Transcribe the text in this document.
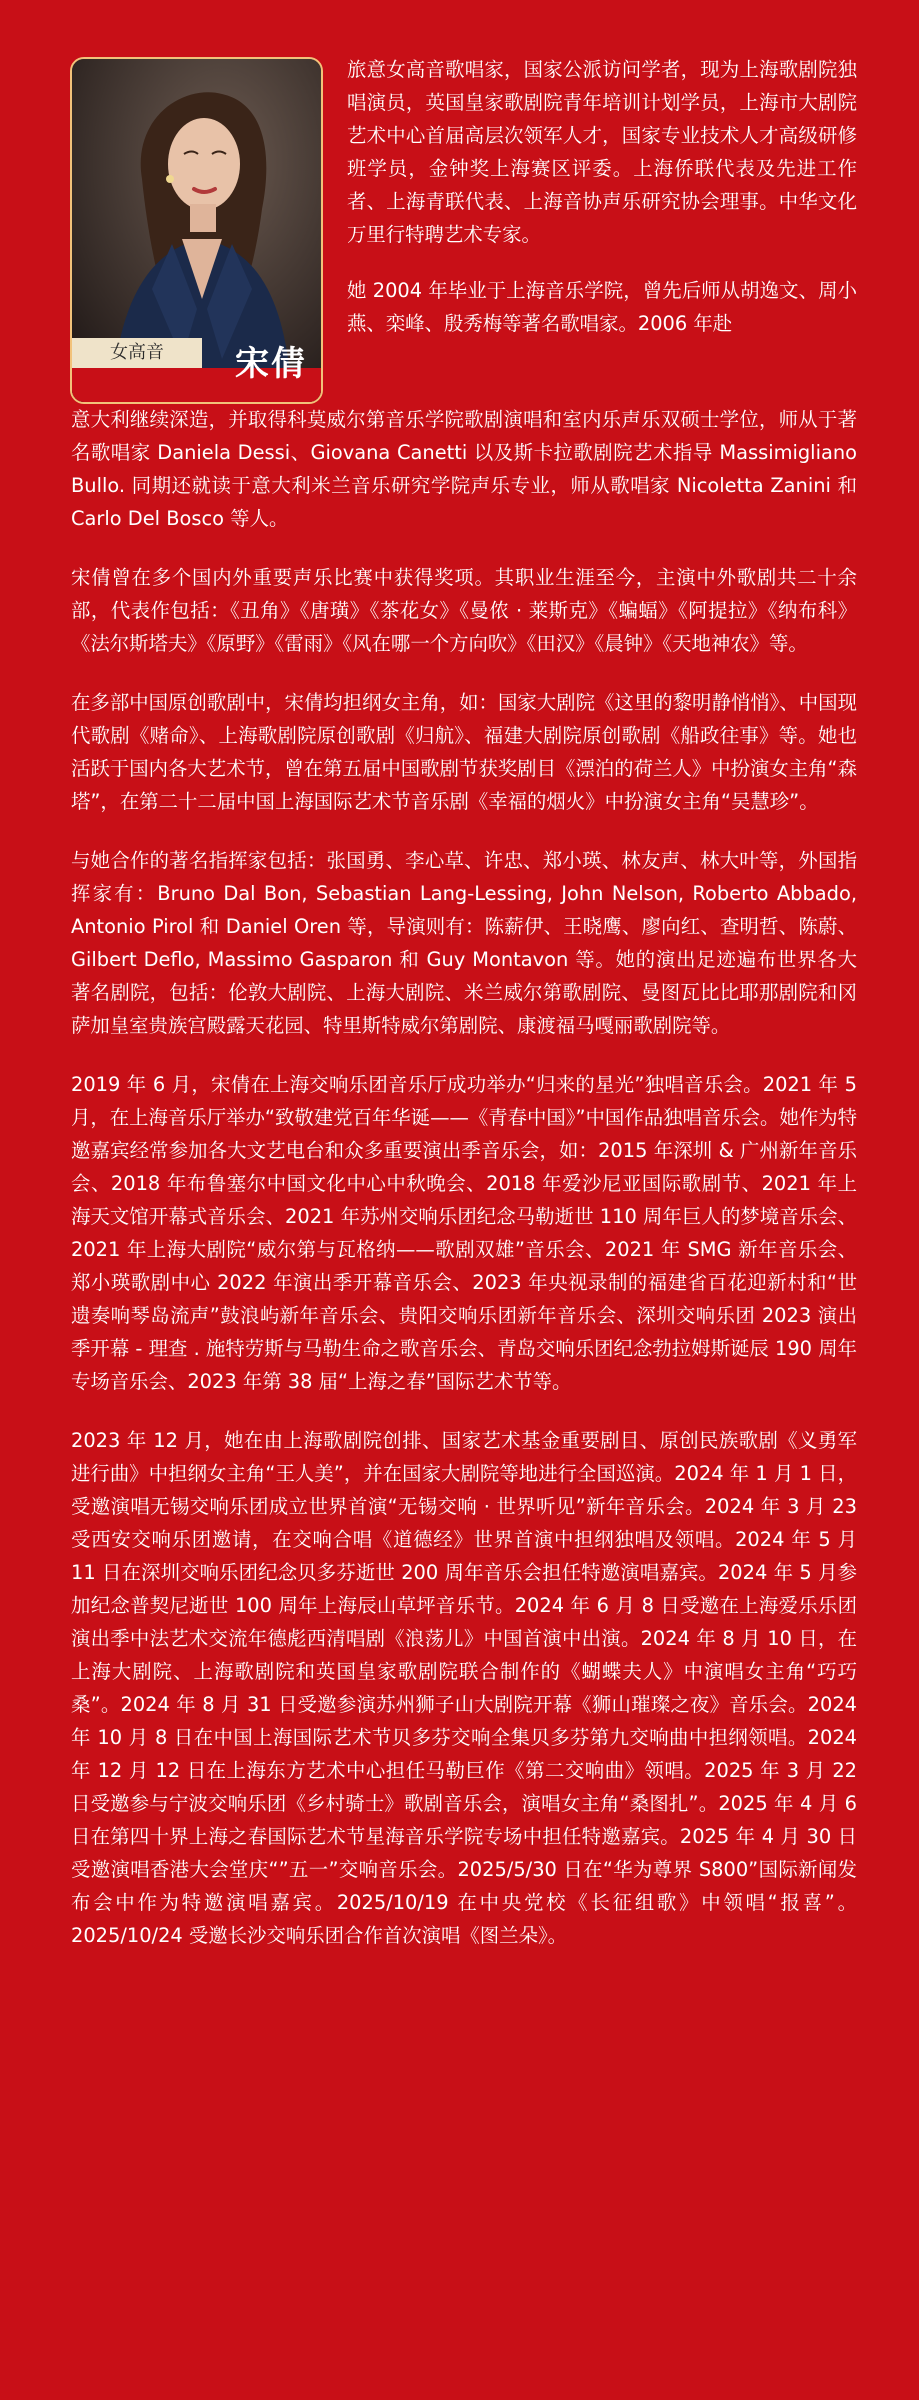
女高音	宋倩

旅意女高音歌唱家，国家公派访问学者，现为上海歌剧院独唱演员，英国皇家歌剧院青年培训计划学员，上海市大剧院艺术中心首届高层次领军人才，国家专业技术人才高级研修班学员，金钟奖上海赛区评委。上海侨联代表及先进工作者、上海青联代表、上海音协声乐研究协会理事。中华文化万里行特聘艺术专家。

她 2004 年毕业于上海音乐学院，曾先后师从胡逸文、周小燕、栾峰、殷秀梅等著名歌唱家。2006 年赴

意大利继续深造，并取得科莫威尔第音乐学院歌剧演唱和室内乐声乐双硕士学位，师从于著名歌唱家 Daniela Dessi、Giovana Canetti 以及斯卡拉歌剧院艺术指导 Massimigliano Bullo. 同期还就读于意大利米兰音乐研究学院声乐专业，师从歌唱家 Nicoletta Zanini 和 Carlo Del Bosco 等人。

宋倩曾在多个国内外重要声乐比赛中获得奖项。其职业生涯至今，主演中外歌剧共二十余部，代表作包括：《丑角》《唐璜》《茶花女》《曼侬 · 莱斯克》《蝙蝠》《阿提拉》《纳布科》《法尔斯塔夫》《原野》《雷雨》《风在哪一个方向吹》《田汉》《晨钟》《天地神农》等。

在多部中国原创歌剧中，宋倩均担纲女主角，如：国家大剧院《这里的黎明静悄悄》、中国现代歌剧《赌命》、上海歌剧院原创歌剧《归航》、福建大剧院原创歌剧《船政往事》等。她也活跃于国内各大艺术节，曾在第五届中国歌剧节获奖剧目《漂泊的荷兰人》中扮演女主角“森塔”，在第二十二届中国上海国际艺术节音乐剧《幸福的烟火》中扮演女主角“吴慧珍”。

与她合作的著名指挥家包括：张国勇、李心草、许忠、郑小瑛、林友声、林大叶等，外国指挥家有：Bruno Dal Bon, Sebastian Lang-Lessing, John Nelson, Roberto Abbado, Antonio Pirol 和 Daniel Oren 等，导演则有：陈薪伊、王晓鹰、廖向红、查明哲、陈蔚、Gilbert Deflo, Massimo Gasparon 和 Guy Montavon 等。她的演出足迹遍布世界各大著名剧院，包括：伦敦大剧院、上海大剧院、米兰威尔第歌剧院、曼图瓦比比耶那剧院和冈萨加皇室贵族宫殿露天花园、特里斯特威尔第剧院、康渡福马嘎丽歌剧院等。

2019 年 6 月，宋倩在上海交响乐团音乐厅成功举办“归来的星光”独唱音乐会。2021 年 5 月，在上海音乐厅举办“致敬建党百年华诞——《青春中国》”中国作品独唱音乐会。她作为特邀嘉宾经常参加各大文艺电台和众多重要演出季音乐会，如：2015 年深圳 & 广州新年音乐会、2018 年布鲁塞尔中国文化中心中秋晚会、2018 年爱沙尼亚国际歌剧节、2021 年上海天文馆开幕式音乐会、2021 年苏州交响乐团纪念马勒逝世 110 周年巨人的梦境音乐会、2021 年上海大剧院“威尔第与瓦格纳——歌剧双雄”音乐会、2021 年 SMG 新年音乐会、郑小瑛歌剧中心 2022 年演出季开幕音乐会、2023 年央视录制的福建省百花迎新村和“世遗奏响琴岛流声”鼓浪屿新年音乐会、贵阳交响乐团新年音乐会、深圳交响乐团 2023 演出季开幕 - 理查 . 施特劳斯与马勒生命之歌音乐会、青岛交响乐团纪念勃拉姆斯诞辰 190 周年专场音乐会、2023 年第 38 届“上海之春”国际艺术节等。

2023 年 12 月，她在由上海歌剧院创排、国家艺术基金重要剧目、原创民族歌剧《义勇军进行曲》中担纲女主角“王人美”，并在国家大剧院等地进行全国巡演。2024 年 1 月 1 日，受邀演唱无锡交响乐团成立世界首演“无锡交响 · 世界听见”新年音乐会。2024 年 3 月 23 受西安交响乐团邀请，在交响合唱《道德经》世界首演中担纲独唱及领唱。2024 年 5 月 11 日在深圳交响乐团纪念贝多芬逝世 200 周年音乐会担任特邀演唱嘉宾。2024 年 5 月参加纪念普契尼逝世 100 周年上海辰山草坪音乐节。2024 年 6 月 8 日受邀在上海爱乐乐团演出季中法艺术交流年德彪西清唱剧《浪荡儿》中国首演中出演。2024 年 8 月 10 日，在上海大剧院、上海歌剧院和英国皇家歌剧院联合制作的《蝴蝶夫人》中演唱女主角“巧巧桑”。2024 年 8 月 31 日受邀参演苏州狮子山大剧院开幕《狮山璀璨之夜》音乐会。2024 年 10 月 8 日在中国上海国际艺术节贝多芬交响全集贝多芬第九交响曲中担纲领唱。2024 年 12 月 12 日在上海东方艺术中心担任马勒巨作《第二交响曲》领唱。2025 年 3 月 22 日受邀参与宁波交响乐团《乡村骑士》歌剧音乐会，演唱女主角“桑图扎”。2025 年 4 月 6 日在第四十界上海之春国际艺术节星海音乐学院专场中担任特邀嘉宾。2025 年 4 月 30 日受邀演唱香港大会堂庆“”五一”交响音乐会。2025/5/30 日在“华为尊界 S800”国际新闻发布会中作为特邀演唱嘉宾。2025/10/19 在中央党校《长征组歌》中领唱“报喜”。2025/10/24 受邀长沙交响乐团合作首次演唱《图兰朵》。
